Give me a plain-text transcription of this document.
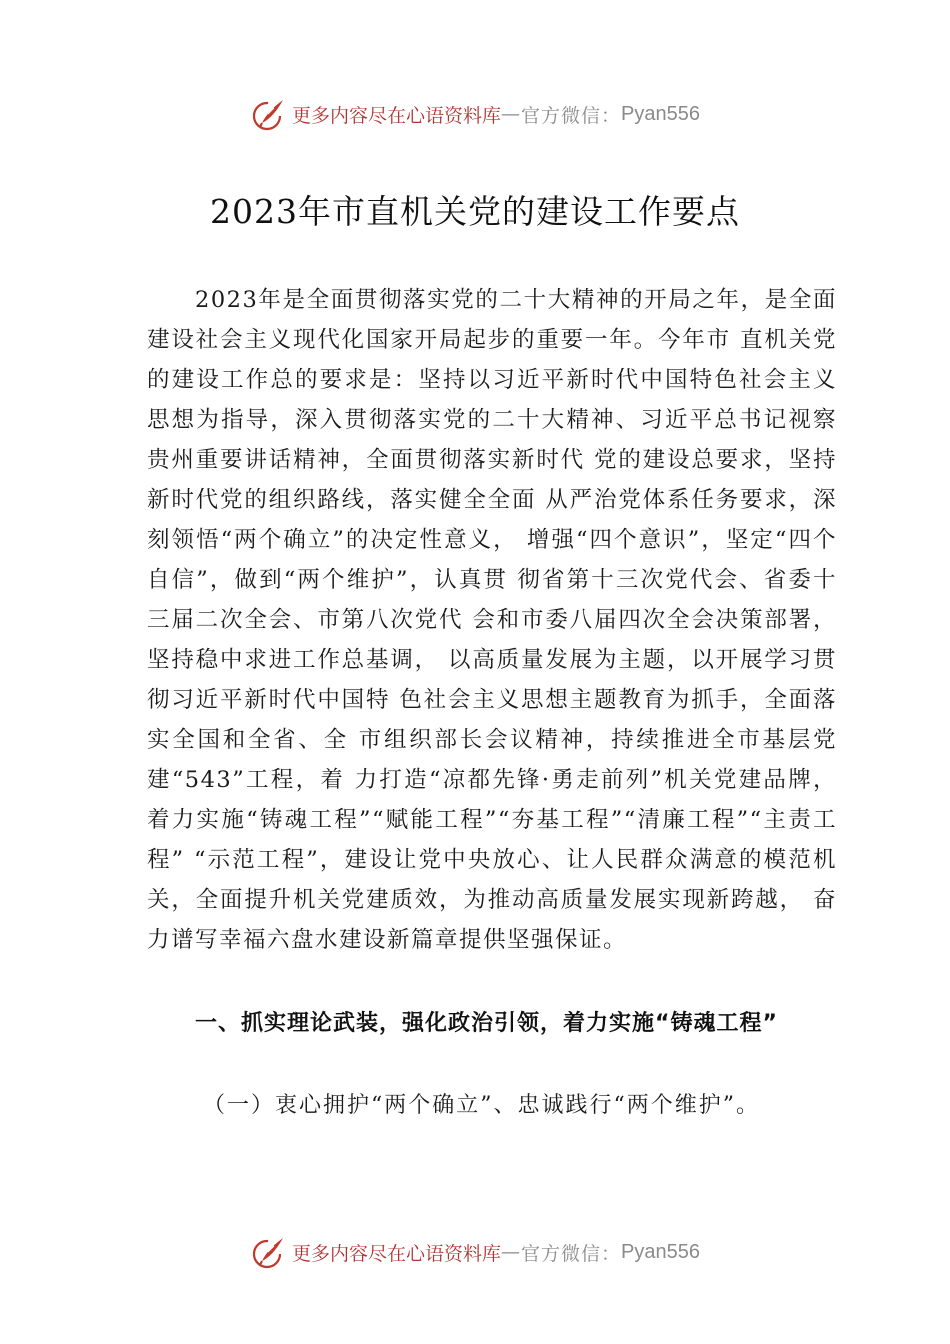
更多内容尽在心语资料库 — 官方微信： Pyan556
2023年市直机关党的建设工作要点

2023年是全面贯彻落实党的二十大精神的开局之年，是全面建设社会主义现代化国家开局起步的重要一年。今年市 直机关党的建设工作总的要求是：坚持以习近平新时代中国特色社会主义思想为指导，深入贯彻落实党的二十大精神、习近平总书记视察贵州重要讲话精神，全面贯彻落实新时代 党的建设总要求，坚持新时代党的组织路线，落实健全全面 从严治党体系任务要求，深刻领悟“两个确立”的决定性意义， 增强“四个意识”，坚定“四个自信”，做到“两个维护”，认真贯 彻省第十三次党代会、省委十三届二次全会、市第八次党代 会和市委八届四次全会决策部署，坚持稳中求进工作总基调， 以高质量发展为主题，以开展学习贯彻习近平新时代中国特 色社会主义思想主题教育为抓手，全面落实全国和全省、全 市组织部长会议精神，持续推进全市基层党建“543”工程，着 力打造“凉都先锋·勇走前列”机关党建品牌，着力实施“铸魂工程”“赋能工程”“夯基工程”“清廉工程”“主责工程” “示范工程”，建设让党中央放心、让人民群众满意的模范机 关，全面提升机关党建质效，为推动高质量发展实现新跨越， 奋力谱写幸福六盘水建设新篇章提供坚强保证。

一、抓实理论武装，强化政治引领，着力实施“铸魂工程”

（一）衷心拥护“两个确立”、忠诚践行“两个维护”。

更多内容尽在心语资料库 — 官方微信： Pyan556
